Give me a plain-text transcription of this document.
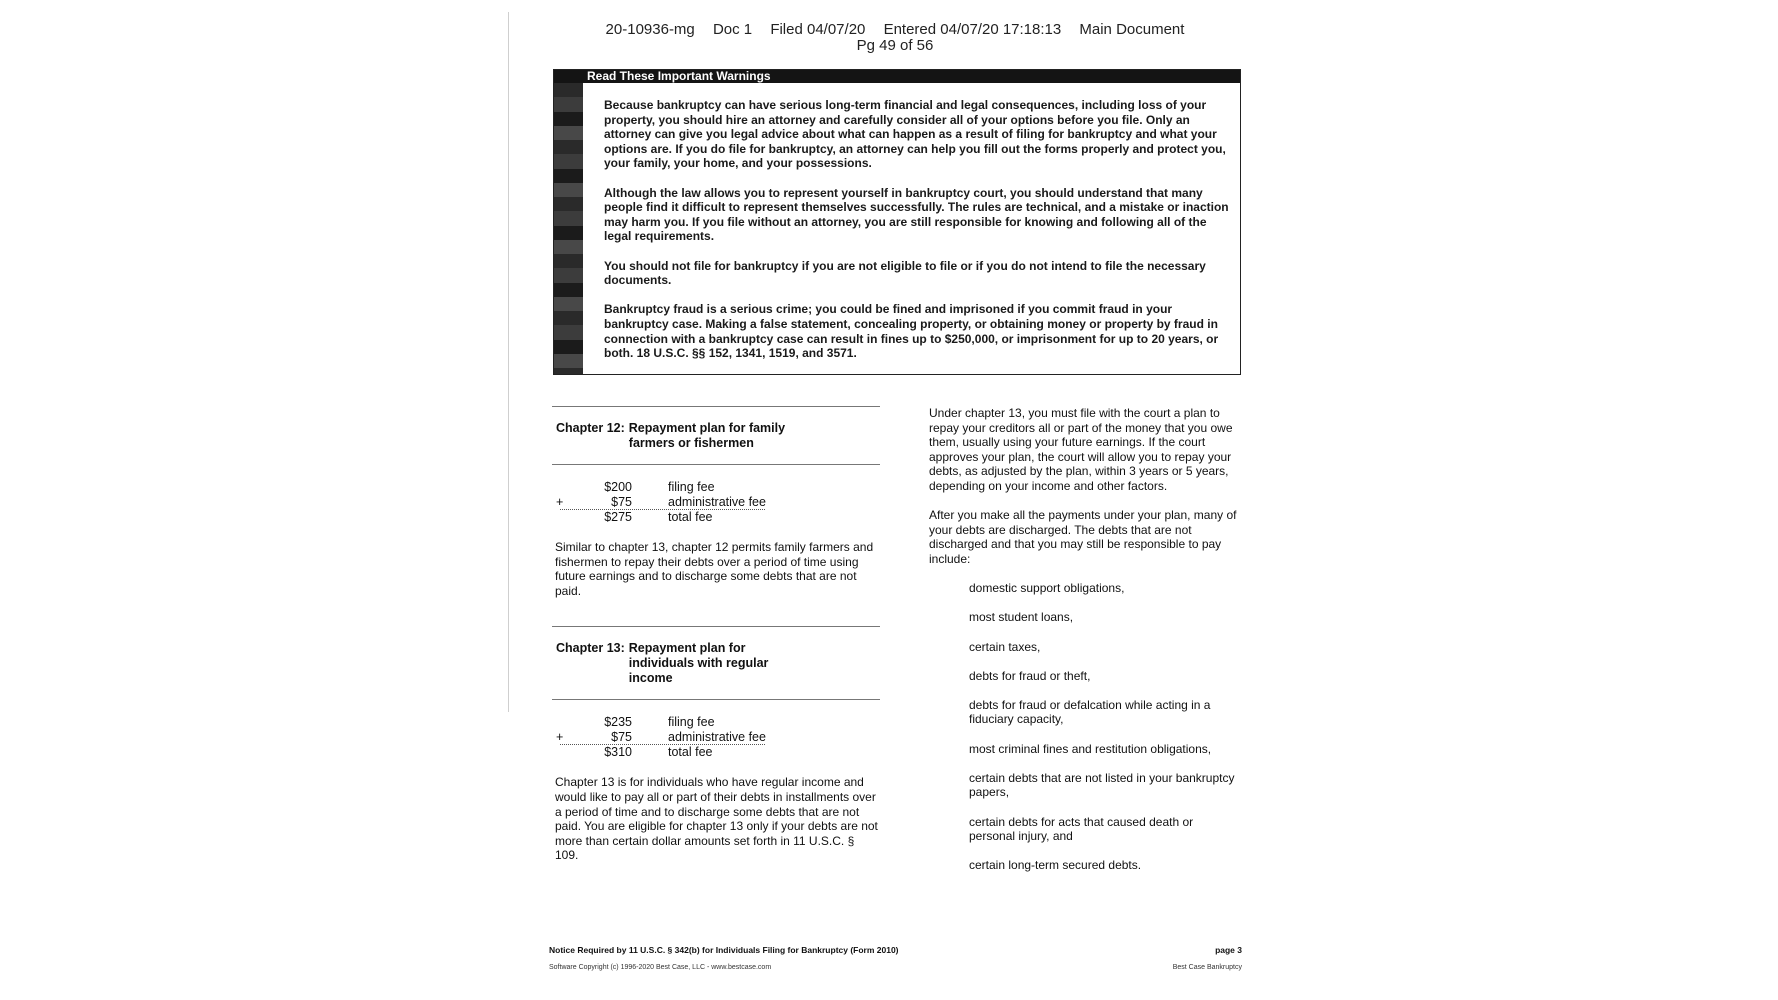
20-10936-mg Doc 1 Filed 04/07/20 Entered 04/07/20 17:18:13 Main Document
Pg 49 of 56
Read These Important Warnings

Because bankruptcy can have serious long-term financial and legal consequences, including loss of your property, you should hire an attorney and carefully consider all of your options before you file. Only an attorney can give you legal advice about what can happen as a result of filing for bankruptcy and what your options are. If you do file for bankruptcy, an attorney can help you fill out the forms properly and protect you, your family, your home, and your possessions.

Although the law allows you to represent yourself in bankruptcy court, you should understand that many people find it difficult to represent themselves successfully. The rules are technical, and a mistake or inaction may harm you. If you file without an attorney, you are still responsible for knowing and following all of the legal requirements.

You should not file for bankruptcy if you are not eligible to file or if you do not intend to file the necessary documents.

Bankruptcy fraud is a serious crime; you could be fined and imprisoned if you commit fraud in your bankruptcy case. Making a false statement, concealing property, or obtaining money or property by fraud in connection with a bankruptcy case can result in fines up to $250,000, or imprisonment for up to 20 years, or both. 18 U.S.C. §§ 152, 1341, 1519, and 3571.

Chapter 12: Repayment plan for family farmers or fishermen
$200	filing fee
+	$75	administrative fee
$275	total fee

Similar to chapter 13, chapter 12 permits family farmers and fishermen to repay their debts over a period of time using future earnings and to discharge some debts that are not paid.

Chapter 13: Repayment plan for individuals with regular income
$235	filing fee
+	$75	administrative fee
$310	total fee

Chapter 13 is for individuals who have regular income and would like to pay all or part of their debts in installments over a period of time and to discharge some debts that are not paid. You are eligible for chapter 13 only if your debts are not more than certain dollar amounts set forth in 11 U.S.C. § 109.

Under chapter 13, you must file with the court a plan to repay your creditors all or part of the money that you owe them, usually using your future earnings. If the court approves your plan, the court will allow you to repay your debts, as adjusted by the plan, within 3 years or 5 years, depending on your income and other factors.

After you make all the payments under your plan, many of your debts are discharged. The debts that are not discharged and that you may still be responsible to pay include:

domestic support obligations,
most student loans,
certain taxes,
debts for fraud or theft,
debts for fraud or defalcation while acting in a fiduciary capacity,
most criminal fines and restitution obligations,
certain debts that are not listed in your bankruptcy papers,
certain debts for acts that caused death or personal injury, and
certain long-term secured debts.
Notice Required by 11 U.S.C. § 342(b) for Individuals Filing for Bankruptcy (Form 2010)
Software Copyright (c) 1996-2020 Best Case, LLC - www.bestcase.com
page 3
Best Case Bankruptcy
